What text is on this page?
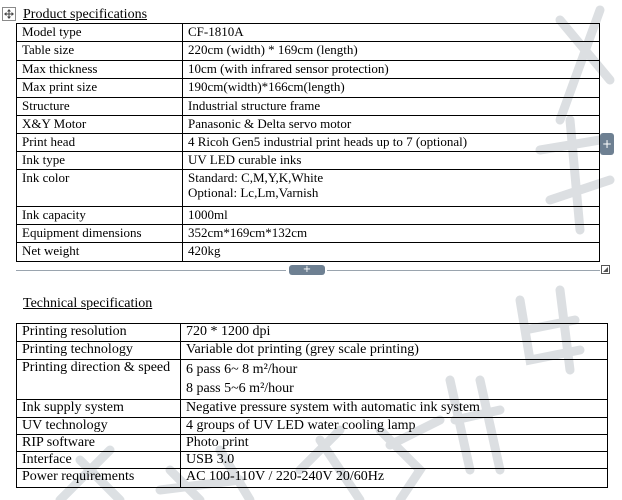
Product specifications
Model type	CF-1810A
Table size	220cm (width) * 169cm (length)
Max thickness	10cm (with infrared sensor protection)
Max print size	190cm(width)*166cm(length)
Structure	Industrial structure frame
X&Y Motor	Panasonic & Delta servo motor
Print head	4 Ricoh Gen5 industrial print heads up to 7 (optional)
Ink type	UV LED curable inks
Ink color	Standard: C,M,Y,K,White
Optional: Lc,Lm,Varnish

Ink capacity	1000ml
Equipment dimensions	352cm*169cm*132cm
Net weight	420kg
+
+
Technical specification
Printing resolution	720 * 1200 dpi
Printing technology	Variable dot printing (grey scale printing)
Printing direction & speed	6 pass 6~ 8 m²/hour
8 pass 5~6 m²/hour

Ink supply system	Negative pressure system with automatic ink system
UV technology	4 groups of UV LED water cooling lamp
RIP software	Photo print
Interface	USB 3.0
Power requirements	AC 100-110V / 220-240V 20/60Hz
